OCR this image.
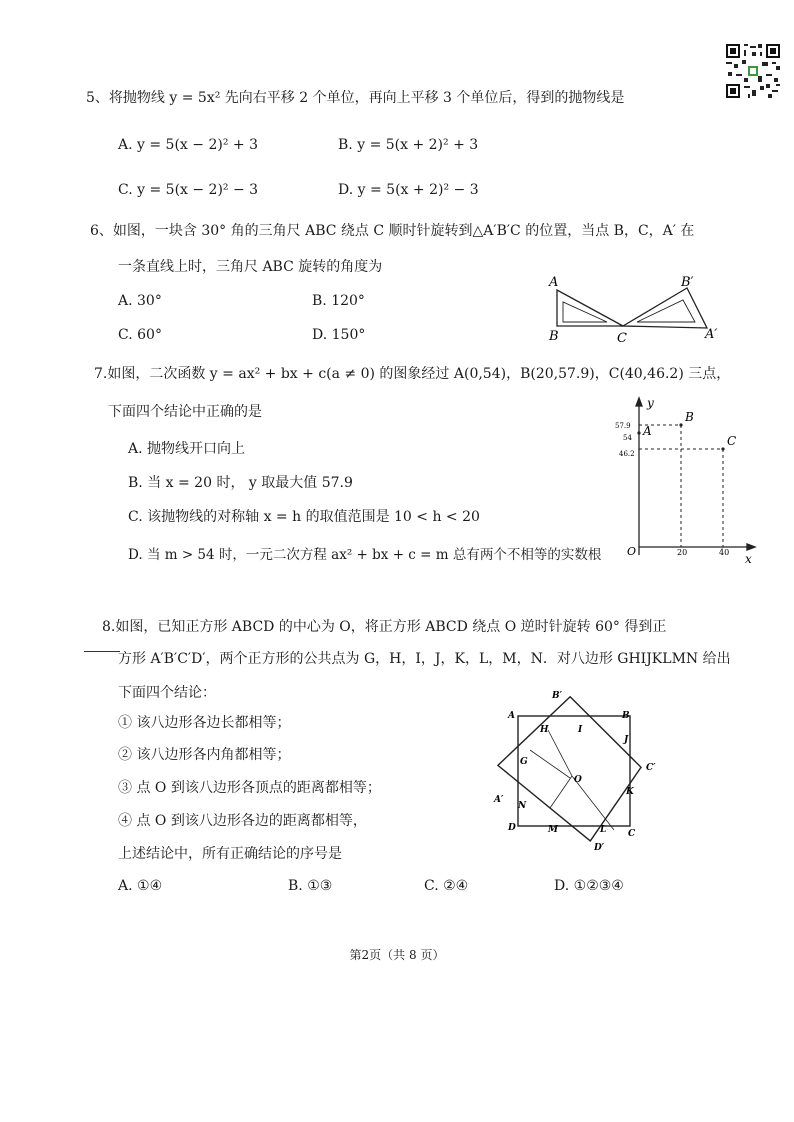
5、将抛物线 y = 5x² 先向右平移 2 个单位，再向上平移 3 个单位后，得到的抛物线是
A. y = 5(x − 2)² + 3	B. y = 5(x + 2)² + 3
C. y = 5(x − 2)² − 3	D. y = 5(x + 2)² − 3
6、如图，一块含 30° 角的三角尺 ABC 绕点 C 顺时针旋转到△A′B′C 的位置，当点 B，C，A′ 在
一条直线上时，三角尺 ABC 旋转的角度为
A. 30°	B. 120°
C. 60°	D. 150°
A
B	C
B′
A′
7.如图，二次函数 y = ax² + bx + c(a ≠ 0) 的图象经过 A(0,54)，B(20,57.9)，C(40,46.2) 三点，
下面四个结论中正确的是
A. 抛物线开口向上
B. 当 x = 20 时， y 取最大值 57.9
C. 该抛物线的对称轴 x = h 的取值范围是 10 < h < 20
D. 当 m > 54 时，一元二次方程 ax² + bx + c = m 总有两个不相等的实数根
A
B
C
y
x
O	20	40
57.9
54
46.2
8.如图，已知正方形 ABCD 的中心为 O，将正方形 ABCD 绕点 O 逆时针旋转 60° 得到正
方形 A′B′C′D′，两个正方形的公共点为 G，H，I，J，K，L，M，N．对八边形 GHIJKLMN 给出
下面四个结论：
① 该八边形各边长都相等；
② 该八边形各内角都相等；
③ 点 O 到该八边形各顶点的距离都相等；
④ 点 O 到该八边形各边的距离都相等，
上述结论中，所有正确结论的序号是
A. ①④	B. ①③	C. ②④	D. ①②③④
A	B
C
D
A′
B′
C′
D′
G
H	I
J
K
L
M
N
O
第2页（共 8 页）
